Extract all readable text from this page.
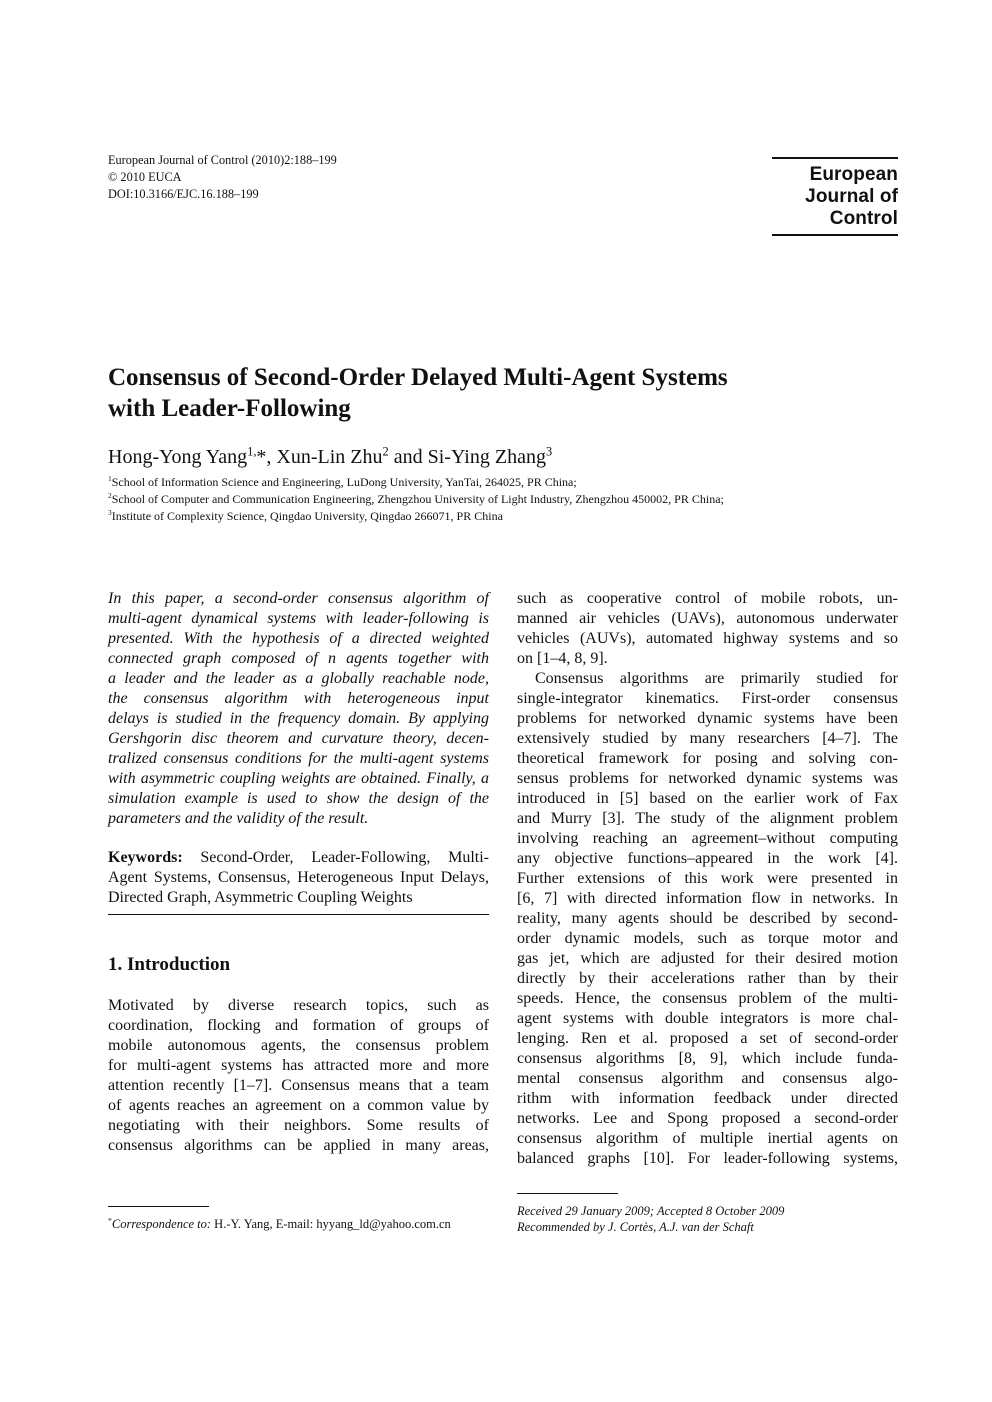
European Journal of Control (2010)2:188–199
© 2010 EUCA
DOI:10.3166/EJC.16.188–199
European
Journal of
Control
Consensus of Second-Order Delayed Multi-Agent Systems
with Leader-Following
Hong-Yong Yang$^{1,}$*, Xun-Lin Zhu$^2$ and Si-Ying Zhang$^3$
$^1$School of Information Science and Engineering, LuDong University, YanTai, 264025, PR China;
$^2$School of Computer and Communication Engineering, Zhengzhou University of Light Industry, Zhengzhou 450002, PR China;
$^3$Institute of Complexity Science, Qingdao University, Qingdao 266071, PR China
In this paper, a second-order consensus algorithm of
multi-agent dynamical systems with leader-following is
presented. With the hypothesis of a directed weighted
connected graph composed of n agents together with
a leader and the leader as a globally reachable node,
the consensus algorithm with heterogeneous input
delays is studied in the frequency domain. By applying
Gershgorin disc theorem and curvature theory, decen-
tralized consensus conditions for the multi-agent systems
with asymmetric coupling weights are obtained. Finally, a
simulation example is used to show the design of the
parameters and the validity of the result.
Keywords: Second-Order, Leader-Following, Multi-
Agent Systems, Consensus, Heterogeneous Input Delays,
Directed Graph, Asymmetric Coupling Weights
1. Introduction
Motivated by diverse research topics, such as
coordination, flocking and formation of groups of
mobile autonomous agents, the consensus problem
for multi-agent systems has attracted more and more
attention recently [1–7]. Consensus means that a team
of agents reaches an agreement on a common value by
negotiating with their neighbors. Some results of
consensus algorithms can be applied in many areas,
such as cooperative control of mobile robots, un-
manned air vehicles (UAVs), autonomous underwater
vehicles (AUVs), automated highway systems and so
on [1–4, 8, 9].
Consensus algorithms are primarily studied for
single-integrator kinematics. First-order consensus
problems for networked dynamic systems have been
extensively studied by many researchers [4–7]. The
theoretical framework for posing and solving con-
sensus problems for networked dynamic systems was
introduced in [5] based on the earlier work of Fax
and Murry [3]. The study of the alignment problem
involving reaching an agreement–without computing
any objective functions–appeared in the work [4].
Further extensions of this work were presented in
[6, 7] with directed information flow in networks. In
reality, many agents should be described by second-
order dynamic models, such as torque motor and
gas jet, which are adjusted for their desired motion
directly by their accelerations rather than by their
speeds. Hence, the consensus problem of the multi-
agent systems with double integrators is more chal-
lenging. Ren et al. proposed a set of second-order
consensus algorithms [8, 9], which include funda-
mental consensus algorithm and consensus algo-
rithm with information feedback under directed
networks. Lee and Spong proposed a second-order
consensus algorithm of multiple inertial agents on
balanced graphs [10]. For leader-following systems,
*Correspondence to: H.-Y. Yang, E-mail: hyyang_ld@yahoo.com.cn
Received 29 January 2009; Accepted 8 October 2009
Recommended by J. Cortès, A.J. van der Schaft
